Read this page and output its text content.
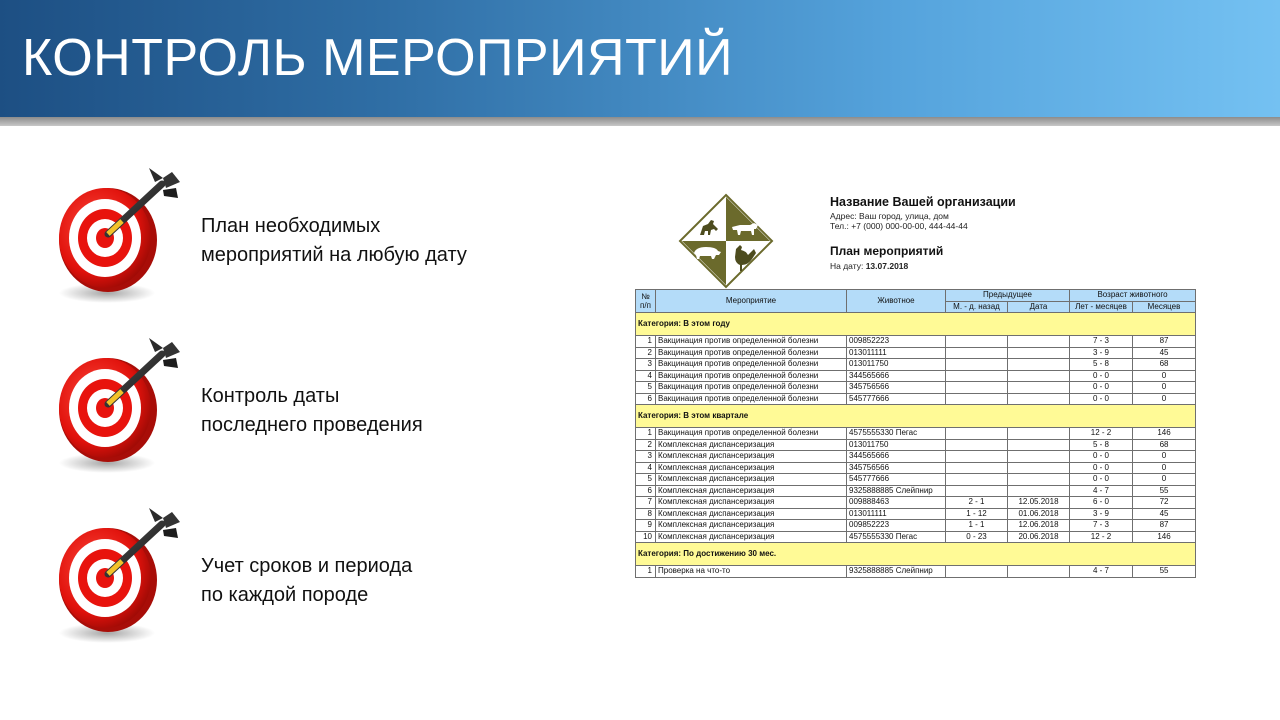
КОНТРОЛЬ МЕРОПРИЯТИЙ
План необходимых
мероприятий на любую дату
Контроль даты
последнего проведения
Учет сроков и периода
по каждой породе
Название Вашей организации
Адрес: Ваш город, улица, дом
Тел.: +7 (000) 000-00-00, 444-44-44
План мероприятий
На дату: 13.07.2018
№
п/п	Мероприятие	Животное	Предыдущее		Возраст животного	
			М. - д. назад	Дата	Лет - месяцев	Месяцев
Категория: В этом году						
1	Вакцинация против определенной болезни	009852223			7 - 3	87
2	Вакцинация против определенной болезни	013011111			3 - 9	45
3	Вакцинация против определенной болезни	013011750			5 - 8	68
4	Вакцинация против определенной болезни	344565666			0 - 0	0
5	Вакцинация против определенной болезни	345756566			0 - 0	0
6	Вакцинация против определенной болезни	545777666			0 - 0	0
Категория: В этом квартале						
1	Вакцинация против определенной болезни	4575555330 Пегас			12 - 2	146
2	Комплексная диспансеризация	013011750			5 - 8	68
3	Комплексная диспансеризация	344565666			0 - 0	0
4	Комплексная диспансеризация	345756566			0 - 0	0
5	Комплексная диспансеризация	545777666			0 - 0	0
6	Комплексная диспансеризация	9325888885 Слейпнир			4 - 7	55
7	Комплексная диспансеризация	009888463	2 - 1	12.05.2018	6 - 0	72
8	Комплексная диспансеризация	013011111	1 - 12	01.06.2018	3 - 9	45
9	Комплексная диспансеризация	009852223	1 - 1	12.06.2018	7 - 3	87
10	Комплексная диспансеризация	4575555330 Пегас	0 - 23	20.06.2018	12 - 2	146
Категория: По достижению 30 мес.						
1	Проверка на что-то	9325888885 Слейпнир			4 - 7	55
